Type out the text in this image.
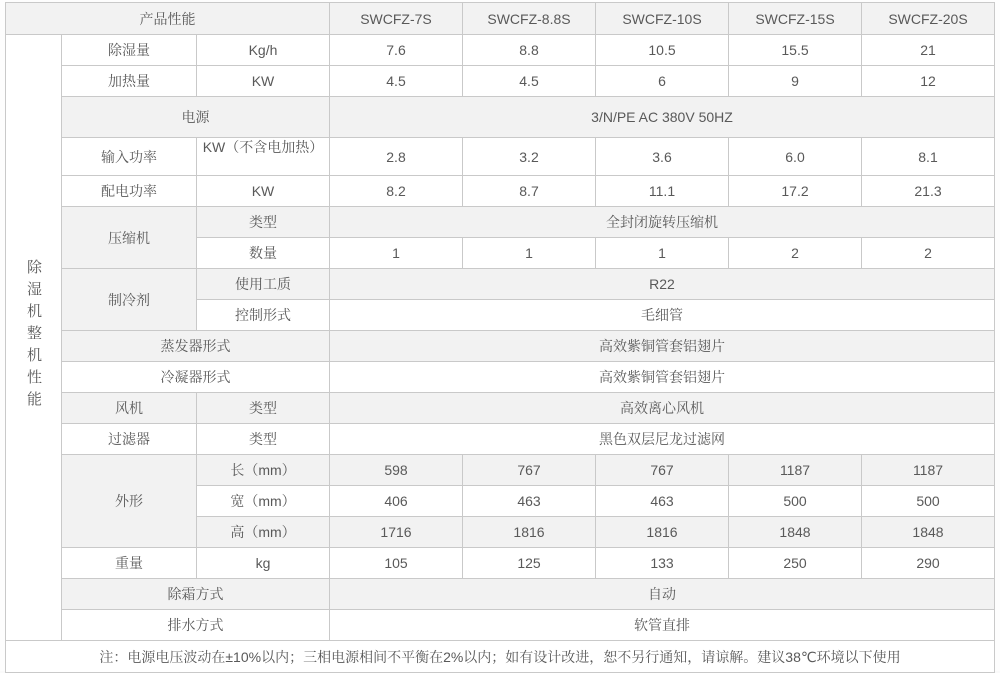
产品性能			SWCFZ-7S	SWCFZ-8.8S	SWCFZ-10S	SWCFZ-15S	SWCFZ-20S
除湿机整机性能	除湿量	Kg/h	7.6	8.8	10.5	15.5	21
	加热量	KW	4.5	4.5	6	9	12
	电源		3/N/PE AC 380V 50HZ				
	输入功率	KW（不含电加热）	2.8	3.2	3.6	6.0	8.1
	配电功率	KW	8.2	8.7	11.1	17.2	21.3
	压缩机	类型	全封闭旋转压缩机				
		数量	1	1	1	2	2
	制冷剂	使用工质	R22				
		控制形式	毛细管				
	蒸发器形式		高效紫铜管套铝翅片				
	冷凝器形式		高效紫铜管套铝翅片				
	风机	类型	高效离心风机				
	过滤器	类型	黑色双层尼龙过滤网				
	外形	长（mm）	598	767	767	1187	1187
		宽（mm）	406	463	463	500	500
		高（mm）	1716	1816	1816	1848	1848
	重量	kg	105	125	133	250	290
	除霜方式		自动				
	排水方式		软管直排				
注：电源电压波动在±10%以内；三相电源相间不平衡在2%以内；如有设计改进，恕不另行通知，请谅解。建议38℃环境以下使用							
